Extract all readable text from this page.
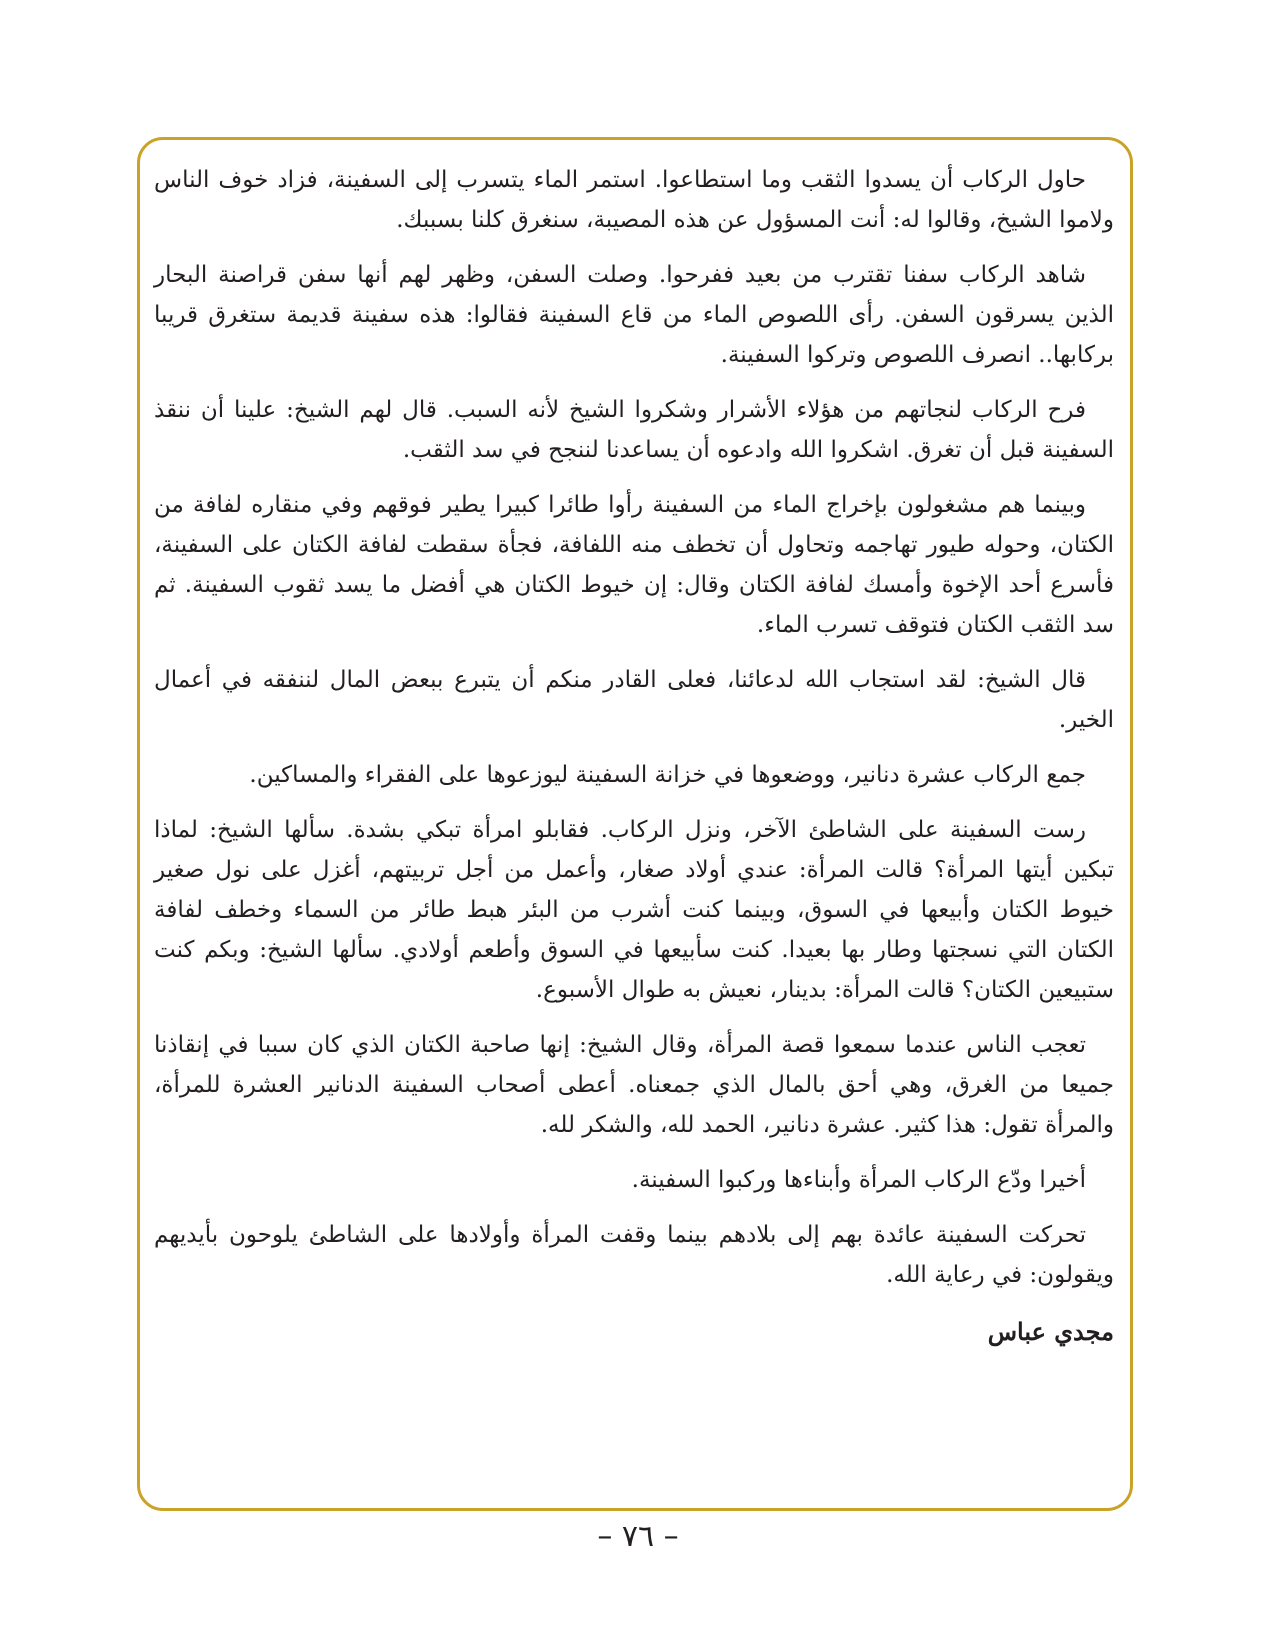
حاول الركاب أن يسدوا الثقب وما استطاعوا. استمر الماء يتسرب إلى السفينة، فزاد خوف الناس ولاموا الشيخ، وقالوا له: أنت المسؤول عن هذه المصيبة، سنغرق كلنا بسببك.

شاهد الركاب سفنا تقترب من بعيد ففرحوا. وصلت السفن، وظهر لهم أنها سفن قراصنة البحار الذين يسرقون السفن. رأى اللصوص الماء من قاع السفينة فقالوا: هذه سفينة قديمة ستغرق قريبا بركابها.. انصرف اللصوص وتركوا السفينة.

فرح الركاب لنجاتهم من هؤلاء الأشرار وشكروا الشيخ لأنه السبب. قال لهم الشيخ: علينا أن ننقذ السفينة قبل أن تغرق. اشكروا الله وادعوه أن يساعدنا لننجح في سد الثقب.

وبينما هم مشغولون بإخراج الماء من السفينة رأوا طائرا كبيرا يطير فوقهم وفي منقاره لفافة من الكتان، وحوله طيور تهاجمه وتحاول أن تخطف منه اللفافة، فجأة سقطت لفافة الكتان على السفينة، فأسرع أحد الإخوة وأمسك لفافة الكتان وقال: إن خيوط الكتان هي أفضل ما يسد ثقوب السفينة. ثم سد الثقب الكتان فتوقف تسرب الماء.

قال الشيخ: لقد استجاب الله لدعائنا، فعلى القادر منكم أن يتبرع ببعض المال لننفقه في أعمال الخير.

جمع الركاب عشرة دنانير، ووضعوها في خزانة السفينة ليوزعوها على الفقراء والمساكين.

رست السفينة على الشاطئ الآخر، ونزل الركاب. فقابلو امرأة تبكي بشدة. سألها الشيخ: لماذا تبكين أيتها المرأة؟ قالت المرأة: عندي أولاد صغار، وأعمل من أجل تربيتهم، أغزل على نول صغير خيوط الكتان وأبيعها في السوق، وبينما كنت أشرب من البئر هبط طائر من السماء وخطف لفافة الكتان التي نسجتها وطار بها بعيدا. كنت سأبيعها في السوق وأطعم أولادي. سألها الشيخ: وبكم كنت ستبيعين الكتان؟ قالت المرأة: بدينار، نعيش به طوال الأسبوع.

تعجب الناس عندما سمعوا قصة المرأة، وقال الشيخ: إنها صاحبة الكتان الذي كان سببا في إنقاذنا جميعا من الغرق، وهي أحق بالمال الذي جمعناه. أعطى أصحاب السفينة الدنانير العشرة للمرأة، والمرأة تقول: هذا كثير. عشرة دنانير، الحمد لله، والشكر لله.

أخيرا ودّع الركاب المرأة وأبناءها وركبوا السفينة.

تحركت السفينة عائدة بهم إلى بلادهم بينما وقفت المرأة وأولادها على الشاطئ يلوحون بأيديهم ويقولون: في رعاية الله.

مجدي عباس

– ٧٦ –
